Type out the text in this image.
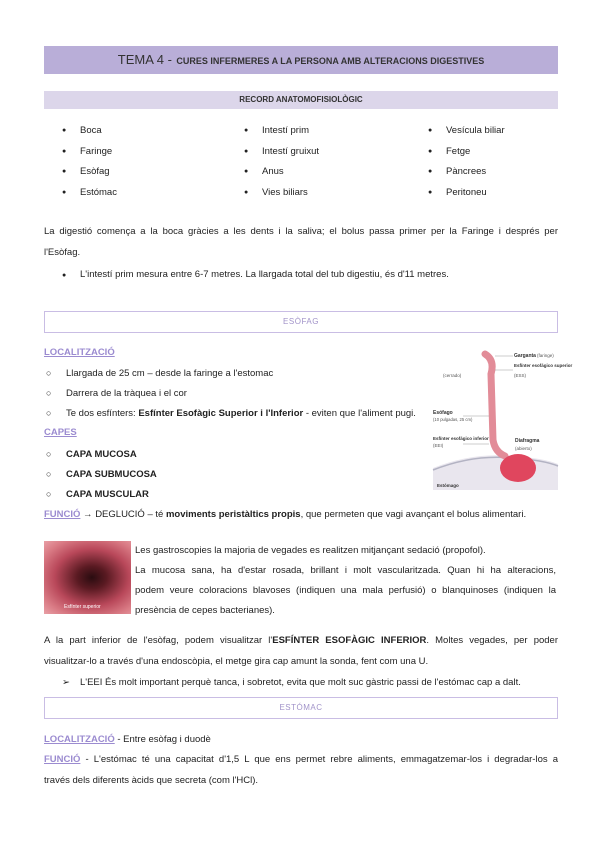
TEMA 4 - CURES INFERMERES A LA PERSONA AMB ALTERACIONS DIGESTIVES
RECORD ANATOMOFISIOLÒGIC
● Boca
● Faringe
● Esòfag
● Estómac
● Intestí prim
● Intestí gruixut
● Anus
● Vies biliars
● Vesícula biliar
● Fetge
● Pàncrees
● Peritoneu
La digestió comença a la boca gràcies a les dents i la saliva; el bolus passa primer per la Faringe i després per
l'Esòfag.
● L'intestí prim mesura entre 6-7 metres. La llargada total del tub digestiu, és d'11 metres.
ESÒFAG
LOCALITZACIÓ
○ Llargada de 25 cm – desde la faringe a l'estomac
○ Darrera de la tràquea i el cor
○ Te dos esfínters: Esfínter Esofàgic Superior i l'Inferior - eviten que l'aliment pugi.
CAPES
○ CAPA MUCOSA
○ CAPA SUBMUCOSA
○ CAPA MUSCULAR
FUNCIÓ → DEGLUCIÓ – té moviments peristàltics propis, que permeten que vagi avançant el bolus alimentari.
Esfínter superior
Les gastroscopies la majoria de vegades es realitzen mitjançant sedació (propofol).
La mucosa sana, ha d'estar rosada, brillant i molt vascularitzada. Quan hi ha alteracions,
podem veure coloracions blavoses (indiquen una mala perfusió) o blanquinoses (indiquen la
presència de cepes bacterianes).
A la part inferior de l'esòfag, podem visualitzar l'ESFÍNTER ESOFÀGIC INFERIOR. Moltes vegades, per poder
visualitzar-lo a través d'una endoscòpia, el metge gira cap amunt la sonda, fent com una U.
➢ L'EEI És molt important perquè tanca, i sobretot, evita que molt suc gàstric passi de l'estómac cap a dalt.
Garganta (faringe)
Esfínter esofágico superior
(ESS)
(cerrado)
Esófago
(10 pulgadas, 25 cm)
Esfínter esofágico inferior
(EEI)
Diafragma
(abierto)
Estómago
ESTÓMAC
LOCALITZACIÓ - Entre esòfag i duodè
FUNCIÓ - L'estómac té una capacitat d'1,5 L que ens permet rebre aliments, emmagatzemar-los i degradar-los a
través dels diferents àcids que secreta (com l'HCl).
